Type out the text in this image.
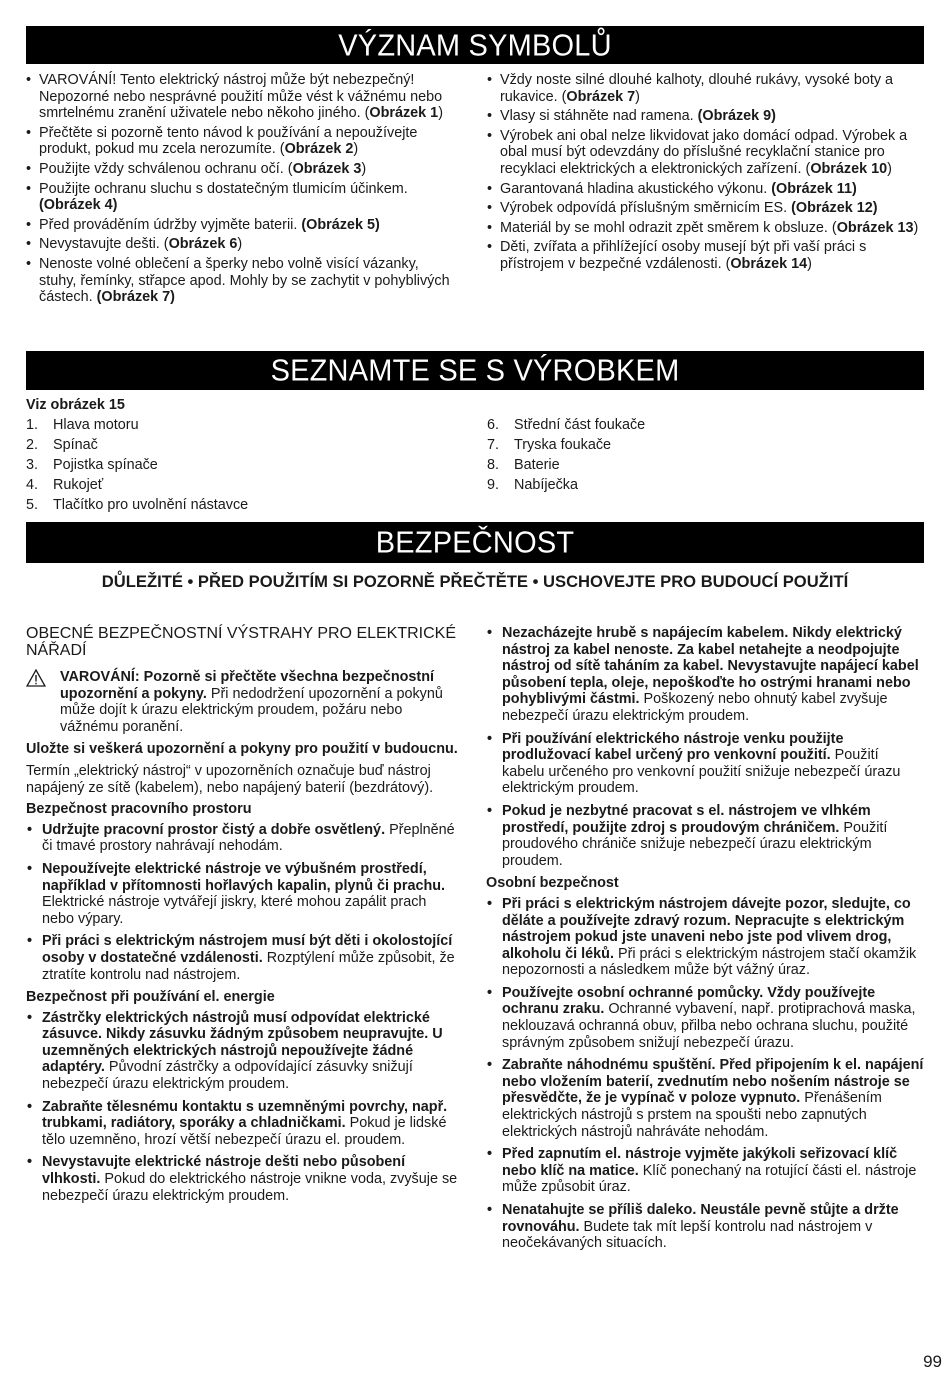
VÝZNAM SYMBOLŮ
• VAROVÁNÍ! Tento elektrický nástroj může být nebezpečný! Nepozorné nebo nesprávné použití může vést k vážnému nebo smrtelnému zranění uživatele nebo někoho jiného. (Obrázek 1)
• Přečtěte si pozorně tento návod k používání a nepoužívejte produkt, pokud mu zcela nerozumíte. (Obrázek 2)
• Použijte vždy schválenou ochranu očí. (Obrázek 3)
• Použijte ochranu sluchu s dostatečným tlumicím účinkem. (Obrázek 4)
• Před prováděním údržby vyjměte baterii. (Obrázek 5)
• Nevystavujte dešti. (Obrázek 6)
• Nenoste volné oblečení a šperky nebo volně visící vázanky, stuhy, řemínky, střapce apod. Mohly by se zachytit v pohyblivých částech. (Obrázek 7)
• Vždy noste silné dlouhé kalhoty, dlouhé rukávy, vysoké boty a rukavice. (Obrázek 7)
• Vlasy si stáhněte nad ramena. (Obrázek 9)
• Výrobek ani obal nelze likvidovat jako domácí odpad. Výrobek a obal musí být odevzdány do příslušné recyklační stanice pro recyklaci elektrických a elektronických zařízení. (Obrázek 10)
• Garantovaná hladina akustického výkonu. (Obrázek 11)
• Výrobek odpovídá příslušným směrnicím ES. (Obrázek 12)
• Materiál by se mohl odrazit zpět směrem k obsluze. (Obrázek 13)
• Děti, zvířata a přihlížející osoby musejí být při vaší práci s přístrojem v bezpečné vzdálenosti. (Obrázek 14)
SEZNAMTE SE S VÝROBKEM
Viz obrázek 15
1.	Hlava motoru
2.	Spínač
3.	Pojistka spínače
4.	Rukojeť
5.	Tlačítko pro uvolnění nástavce
6.	Střední část foukače
7.	Tryska foukače
8.	Baterie
9.	Nabíječka
BEZPEČNOST
DŮLEŽITÉ • PŘED POUŽITÍM SI POZORNĚ PŘEČTĚTE • USCHOVEJTE PRO BUDOUCÍ POUŽITÍ
OBECNÉ BEZPEČNOSTNÍ VÝSTRAHY PRO ELEKTRICKÉ NÁŘADÍ
VAROVÁNÍ: Pozorně si přečtěte všechna bezpečnostní upozornění a pokyny. Při nedodržení upozornění a pokynů může dojít k úrazu elektrickým proudem, požáru nebo vážnému poranění.
Uložte si veškerá upozornění a pokyny pro použití v budoucnu.
Termín „elektrický nástroj“ v upozorněních označuje buď nástroj napájený ze sítě (kabelem), nebo napájený baterií (bezdrátový).
Bezpečnost pracovního prostoru
• Udržujte pracovní prostor čistý a dobře osvětlený. Přeplněné či tmavé prostory nahrávají nehodám.
• Nepoužívejte elektrické nástroje ve výbušném prostředí, například v přítomnosti hořlavých kapalin, plynů či prachu. Elektrické nástroje vytvářejí jiskry, které mohou zapálit prach nebo výpary.
• Při práci s elektrickým nástrojem musí být děti i okolostojící osoby v dostatečné vzdálenosti. Rozptýlení může způsobit, že ztratíte kontrolu nad nástrojem.
Bezpečnost při používání el. energie
• Zástrčky elektrických nástrojů musí odpovídat elektrické zásuvce. Nikdy zásuvku žádným způsobem neupravujte. U uzemněných elektrických nástrojů nepoužívejte žádné adaptéry. Původní zástrčky a odpovídající zásuvky snižují nebezpečí úrazu elektrickým proudem.
• Zabraňte tělesnému kontaktu s uzemněnými povrchy, např. trubkami, radiátory, sporáky a chladničkami. Pokud je lidské tělo uzemněno, hrozí větší nebezpečí úrazu el. proudem.
• Nevystavujte elektrické nástroje dešti nebo působení vlhkosti. Pokud do elektrického nástroje vnikne voda, zvyšuje se nebezpečí úrazu elektrickým proudem.
• Nezacházejte hrubě s napájecím kabelem. Nikdy elektrický nástroj za kabel nenoste. Za kabel netahejte a neodpojujte nástroj od sítě taháním za kabel. Nevystavujte napájecí kabel působení tepla, oleje, nepoškoďte ho ostrými hranami nebo pohyblivými částmi. Poškozený nebo ohnutý kabel zvyšuje nebezpečí úrazu elektrickým proudem.
• Při používání elektrického nástroje venku použijte prodlužovací kabel určený pro venkovní použití. Použití kabelu určeného pro venkovní použití snižuje nebezpečí úrazu elektrickým proudem.
• Pokud je nezbytné pracovat s el. nástrojem ve vlhkém prostředí, použijte zdroj s proudovým chráničem. Použití proudového chrániče snižuje nebezpečí úrazu elektrickým proudem.
Osobní bezpečnost
• Při práci s elektrickým nástrojem dávejte pozor, sledujte, co děláte a používejte zdravý rozum. Nepracujte s elektrickým nástrojem pokud jste unaveni nebo jste pod vlivem drog, alkoholu či léků. Při práci s elektrickým nástrojem stačí okamžik nepozornosti a následkem může být vážný úraz.
• Používejte osobní ochranné pomůcky. Vždy používejte ochranu zraku. Ochranné vybavení, např. protiprachová maska, neklouzavá ochranná obuv, přilba nebo ochrana sluchu, použité správným způsobem snižují nebezpečí úrazu.
• Zabraňte náhodnému spuštění. Před připojením k el. napájení nebo vložením baterií, zvednutím nebo nošením nástroje se přesvědčte, že je vypínač v poloze vypnuto. Přenášením elektrických nástrojů s prstem na spoušti nebo zapnutých elektrických nástrojů nahráváte nehodám.
• Před zapnutím el. nástroje vyjměte jakýkoli seřizovací klíč nebo klíč na matice. Klíč ponechaný na rotující části el. nástroje může způsobit úraz.
• Nenatahujte se příliš daleko. Neustále pevně stůjte a držte rovnováhu. Budete tak mít lepší kontrolu nad nástrojem v neočekávaných situacích.
99
